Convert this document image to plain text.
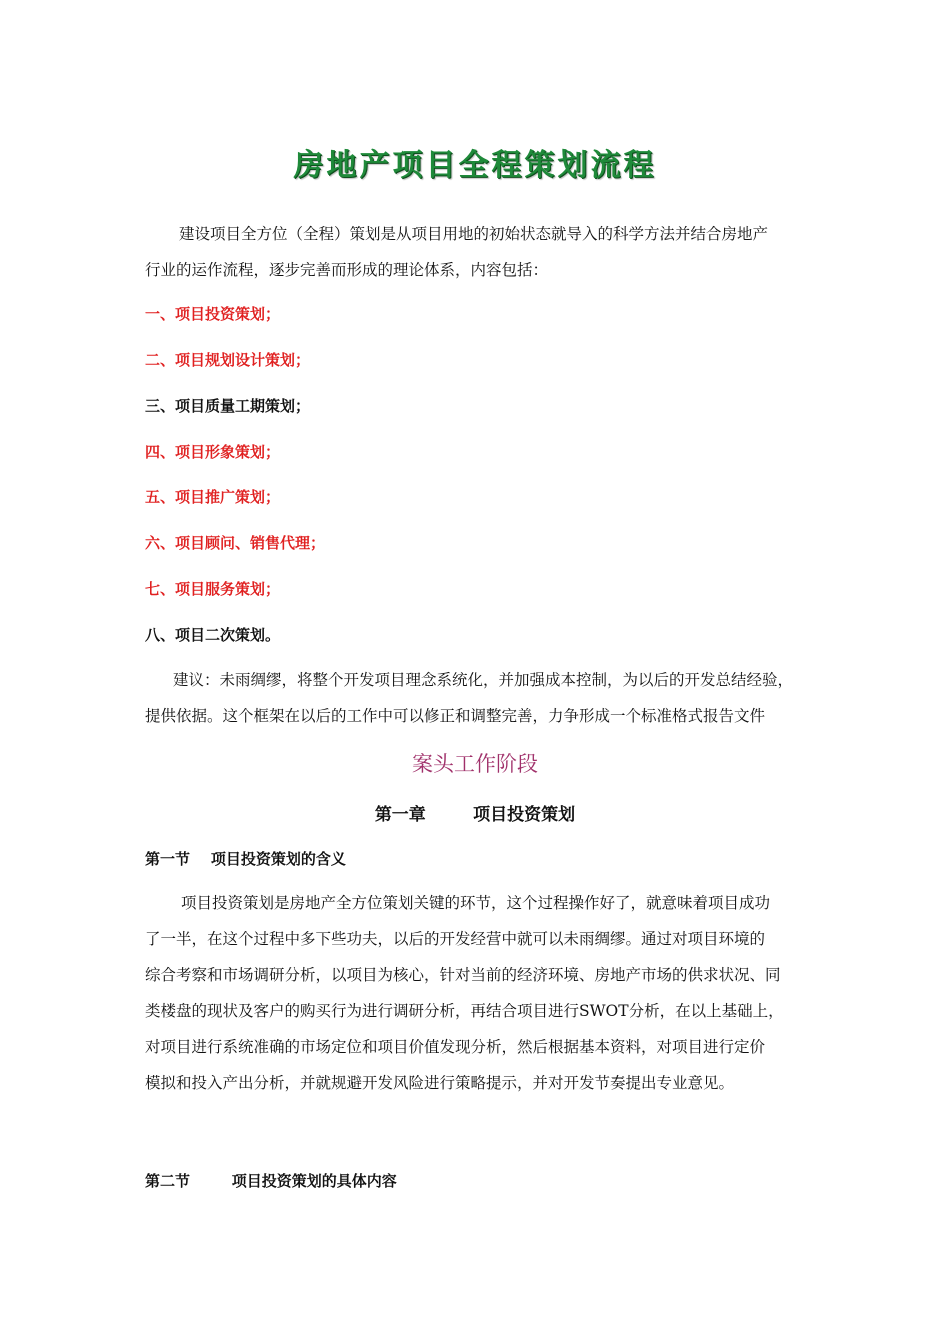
房地产项目全程策划流程
建设项目全方位（全程）策划是从项目用地的初始状态就导入的科学方法并结合房地产
行业的运作流程，逐步完善而形成的理论体系，内容包括：
一、项目投资策划；
二、项目规划设计策划；
三、项目质量工期策划；
四、项目形象策划；
五、项目推广策划；
六、项目顾问、销售代理；
七、项目服务策划；
八、项目二次策划。
建议：未雨绸缪，将整个开发项目理念系统化，并加强成本控制，为以后的开发总结经验，
提供依据。这个框架在以后的工作中可以修正和调整完善，力争形成一个标准格式报告文件
案头工作阶段
第一章        项目投资策划
第一节    项目投资策划的含义
项目投资策划是房地产全方位策划关键的环节，这个过程操作好了，就意味着项目成功
了一半，在这个过程中多下些功夫，以后的开发经营中就可以未雨绸缪。通过对项目环境的
综合考察和市场调研分析，以项目为核心，针对当前的经济环境、房地产市场的供求状况、同
类楼盘的现状及客户的购买行为进行调研分析，再结合项目进行SWOT分析，在以上基础上，
对项目进行系统准确的市场定位和项目价值发现分析，然后根据基本资料，对项目进行定价
模拟和投入产出分析，并就规避开发风险进行策略提示，并对开发节奏提出专业意见。
第二节        项目投资策划的具体内容
